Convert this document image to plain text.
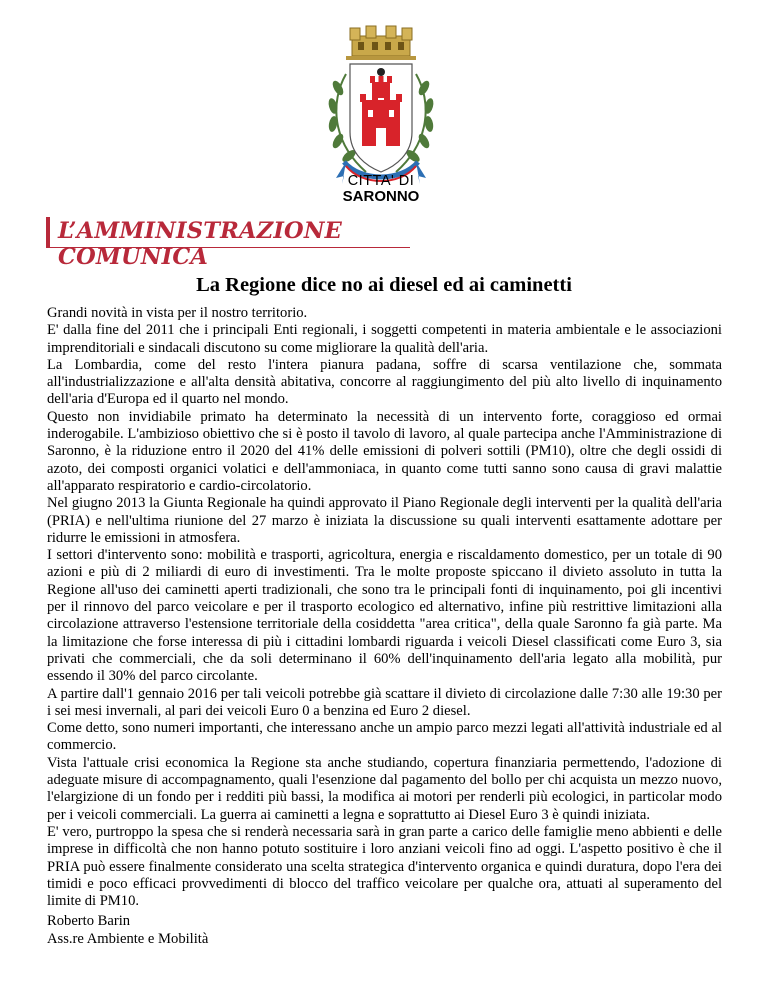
CITTA' DI
SARONNO
L’AMMINISTRAZIONE COMUNICA
La Regione dice no ai diesel ed ai caminetti

Grandi novità in vista per il nostro territorio.

E' dalla fine del 2011 che i principali Enti regionali, i soggetti competenti in materia ambientale e le associazioni imprenditoriali e sindacali discutono su come migliorare la qualità dell'aria.

La Lombardia, come del resto l'intera pianura padana, soffre di scarsa ventilazione che, sommata all'industrializzazione e all'alta densità abitativa, concorre al raggiungimento del più alto livello di inquinamento dell'aria d'Europa ed il quarto nel mondo.

Questo non invidiabile primato ha determinato la necessità di un intervento forte, coraggioso ed ormai inderogabile. L'ambizioso obiettivo che si è posto il tavolo di lavoro, al quale partecipa anche l'Amministrazione di Saronno, è la riduzione entro il 2020 del 41% delle emissioni di polveri sottili (PM10), oltre che degli ossidi di azoto, dei composti organici volatici e dell'ammoniaca, in quanto come tutti sanno sono causa di gravi malattie all'apparato respiratorio e cardio-circolatorio.

Nel giugno 2013 la Giunta Regionale ha quindi approvato il Piano Regionale degli interventi per la qualità dell'aria (PRIA) e nell'ultima riunione del 27 marzo è iniziata la discussione su quali interventi esattamente adottare per ridurre le emissioni in atmosfera.

I settori d'intervento sono: mobilità e trasporti, agricoltura, energia e riscaldamento domestico, per un totale di 90 azioni e più di 2 miliardi di euro di investimenti. Tra le molte proposte spiccano il divieto assoluto in tutta la Regione all'uso dei caminetti aperti tradizionali, che sono tra le principali fonti di inquinamento, poi gli incentivi per il rinnovo del parco veicolare e per il trasporto ecologico ed alternativo, infine più restrittive limitazioni alla circolazione attraverso l'estensione territoriale della cosiddetta "area critica", della quale Saronno fa già parte. Ma la limitazione che forse interessa di più i cittadini lombardi riguarda i veicoli Diesel classificati come Euro 3, sia privati che commerciali, che da soli determinano il 60% dell'inquinamento dell'aria legato alla mobilità, pur essendo il 30% del parco circolante.

A partire dall'1 gennaio 2016 per tali veicoli potrebbe già scattare il divieto di circolazione dalle 7:30 alle 19:30 per i sei mesi invernali, al pari dei veicoli Euro 0 a benzina ed Euro 2 diesel.

Come detto, sono numeri importanti, che interessano anche un ampio parco mezzi legati all'attività industriale ed al commercio.

Vista l'attuale crisi economica la Regione sta anche studiando, copertura finanziaria permettendo, l'adozione di adeguate misure di accompagnamento, quali l'esenzione dal pagamento del bollo per chi acquista un mezzo nuovo, l'elargizione di un fondo per i redditi più bassi, la modifica ai motori per renderli più ecologici, in particolar modo per i veicoli commerciali. La guerra ai caminetti a legna e soprattutto ai Diesel Euro 3 è quindi iniziata.

E' vero, purtroppo la spesa che si renderà necessaria sarà in gran parte a carico delle famiglie meno abbienti e delle imprese in difficoltà che non hanno potuto sostituire i loro anziani veicoli fino ad oggi. L'aspetto positivo è che il PRIA può essere finalmente considerato una scelta strategica d'intervento organica e quindi duratura, dopo l'era dei timidi e poco efficaci provvedimenti di blocco del traffico veicolare per qualche ora, attuati al superamento del limite di PM10.

Roberto Barin
Ass.re Ambiente e Mobilità
